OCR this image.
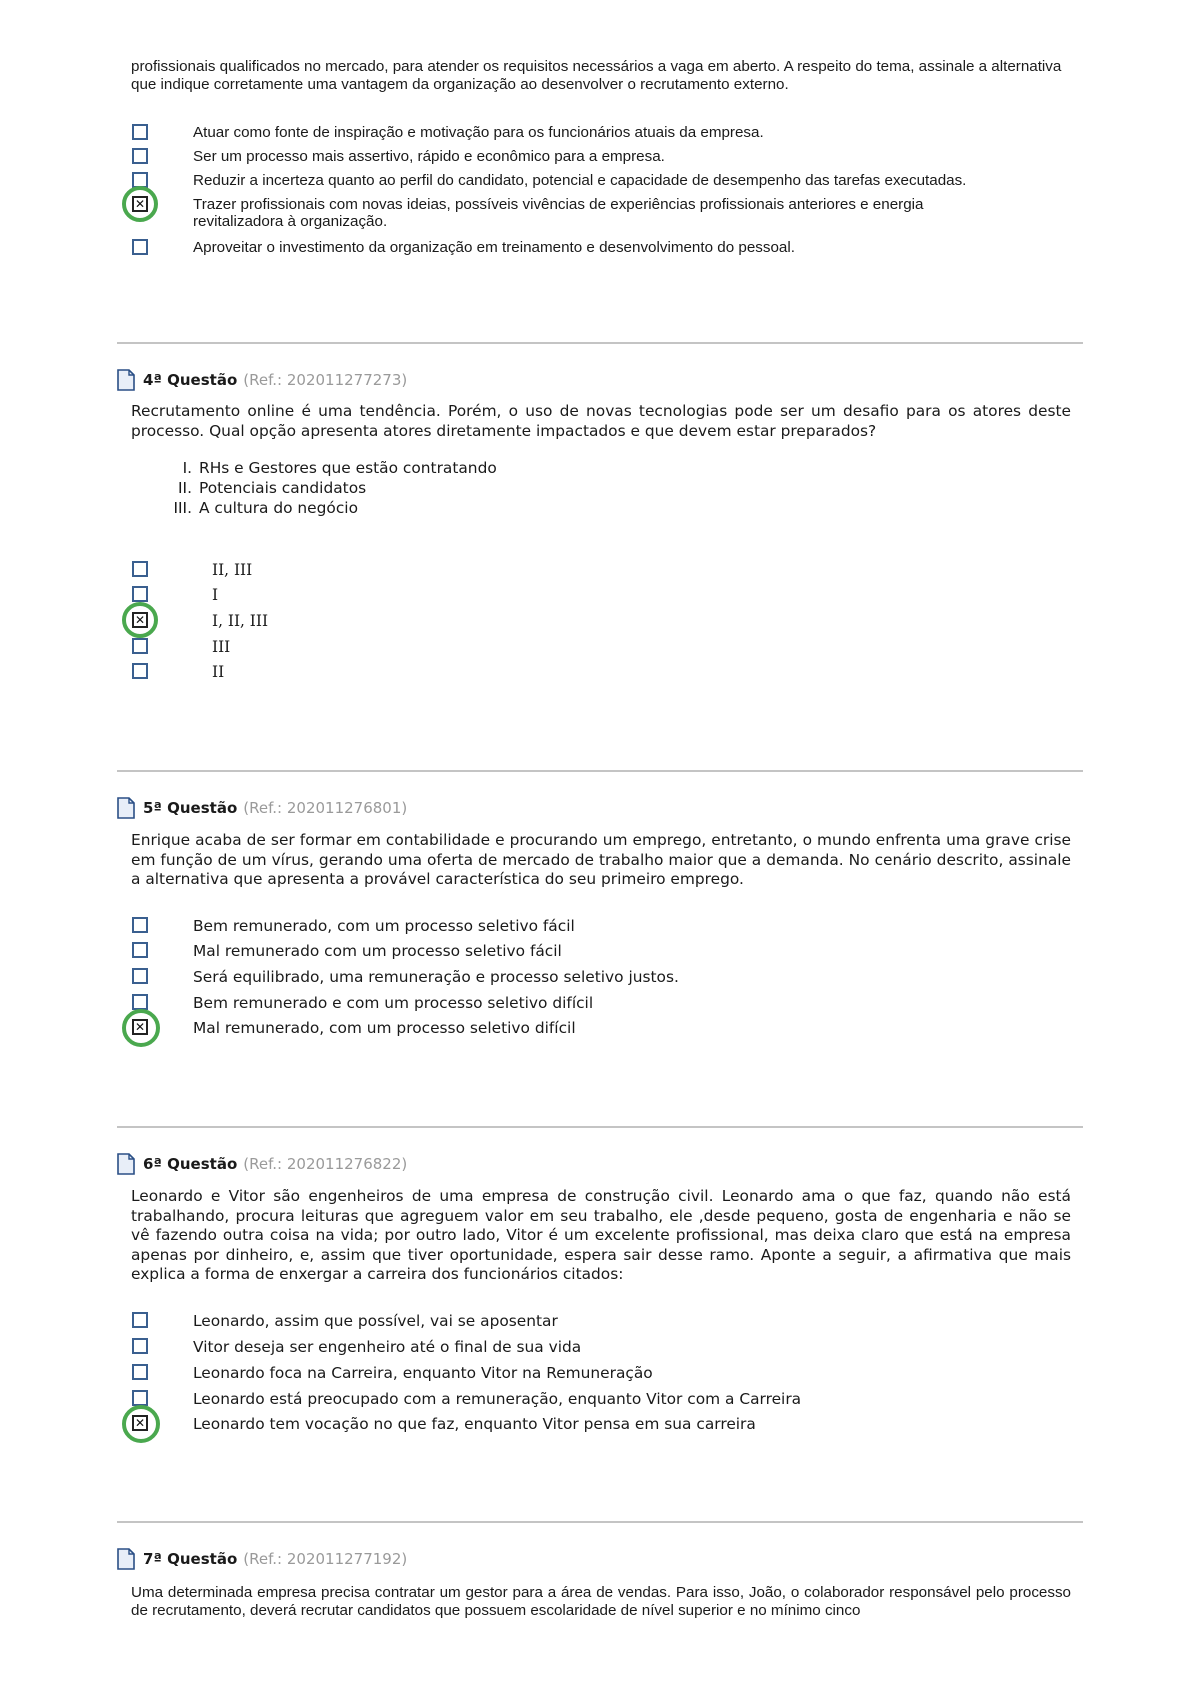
profissionais qualificados no mercado, para atender os requisitos necessários a vaga em aberto. A respeito do tema, assinale a alternativa que indique corretamente uma vantagem da organização ao desenvolver o recrutamento externo.
Atuar como fonte de inspiração e motivação para os funcionários atuais da empresa.
Ser um processo mais assertivo, rápido e econômico para a empresa.
Reduzir a incerteza quanto ao perfil do candidato, potencial e capacidade de desempenho das tarefas executadas.
✕
Trazer profissionais com novas ideias, possíveis vivências de experiências profissionais anteriores e energia revitalizadora à organização.
Aproveitar o investimento da organização em treinamento e desenvolvimento do pessoal.
4ª Questão (Ref.: 202011277273)
Recrutamento online é uma tendência. Porém, o uso de novas tecnologias pode ser um desafio para os atores deste processo. Qual opção apresenta atores diretamente impactados e que devem estar preparados?
I. RHs e Gestores que estão contratando
II. Potenciais candidatos
III. A cultura do negócio
II, III
I
✕
I, II, III
III
II
5ª Questão (Ref.: 202011276801)
Enrique acaba de ser formar em contabilidade e procurando um emprego, entretanto, o mundo enfrenta uma grave crise em função de um vírus, gerando uma oferta de mercado de trabalho maior que a demanda. No cenário descrito, assinale a alternativa que apresenta a provável característica do seu primeiro emprego.
Bem remunerado, com um processo seletivo fácil
Mal remunerado com um processo seletivo fácil
Será equilibrado, uma remuneração e processo seletivo justos.
Bem remunerado e com um processo seletivo difícil
✕
Mal remunerado, com um processo seletivo difícil
6ª Questão (Ref.: 202011276822)
Leonardo e Vitor são engenheiros de uma empresa de construção civil. Leonardo ama o que faz, quando não está trabalhando, procura leituras que agreguem valor em seu trabalho, ele ,desde pequeno, gosta de engenharia e não se vê fazendo outra coisa na vida; por outro lado, Vitor é um excelente profissional, mas deixa claro que está na empresa apenas por dinheiro, e, assim que tiver oportunidade, espera sair desse ramo. Aponte a seguir, a afirmativa que mais explica a forma de enxergar a carreira dos funcionários citados:
Leonardo, assim que possível, vai se aposentar
Vitor deseja ser engenheiro até o final de sua vida
Leonardo foca na Carreira, enquanto Vitor na Remuneração
Leonardo está preocupado com a remuneração, enquanto Vitor com a Carreira
✕
Leonardo tem vocação no que faz, enquanto Vitor pensa em sua carreira
7ª Questão (Ref.: 202011277192)
Uma determinada empresa precisa contratar um gestor para a área de vendas. Para isso, João, o colaborador responsável pelo processo de recrutamento, deverá recrutar candidatos que possuem escolaridade de nível superior e no mínimo cinco
